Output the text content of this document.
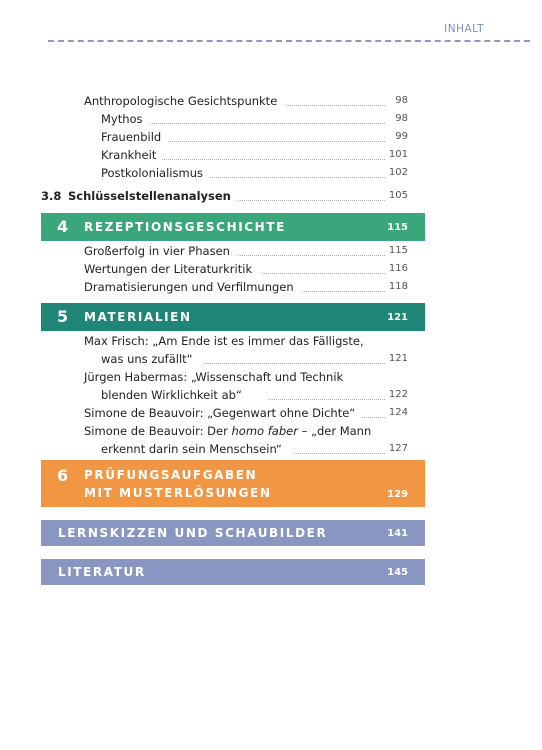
INHALT
Anthropologische Gesichtspunkte	98
Mythos	98
Frauenbild	99
Krankheit	101
Postkolonialismus	102
3.8 Schlüsselstellenanalysen	105
4 REZEPTIONSGESCHICHTE	115
Großerfolg in vier Phasen	115
Wertungen der Literaturkritik	116
Dramatisierungen und Verfilmungen	118
5 MATERIALIEN	121
Max Frisch: „Am Ende ist es immer das Fälligste,
was uns zufällt“	121
Jürgen Habermas: „Wissenschaft und Technik
blenden Wirklichkeit ab“	122
Simone de Beauvoir: „Gegenwart ohne Dichte“	124
Simone de Beauvoir: Der homo faber – „der Mann
erkennt darin sein Menschsein“	127
6 PRÜFUNGSAUFGABEN
MIT MUSTERLÖSUNGEN	129
LERNSKIZZEN UND SCHAUBILDER	141
LITERATUR	145
